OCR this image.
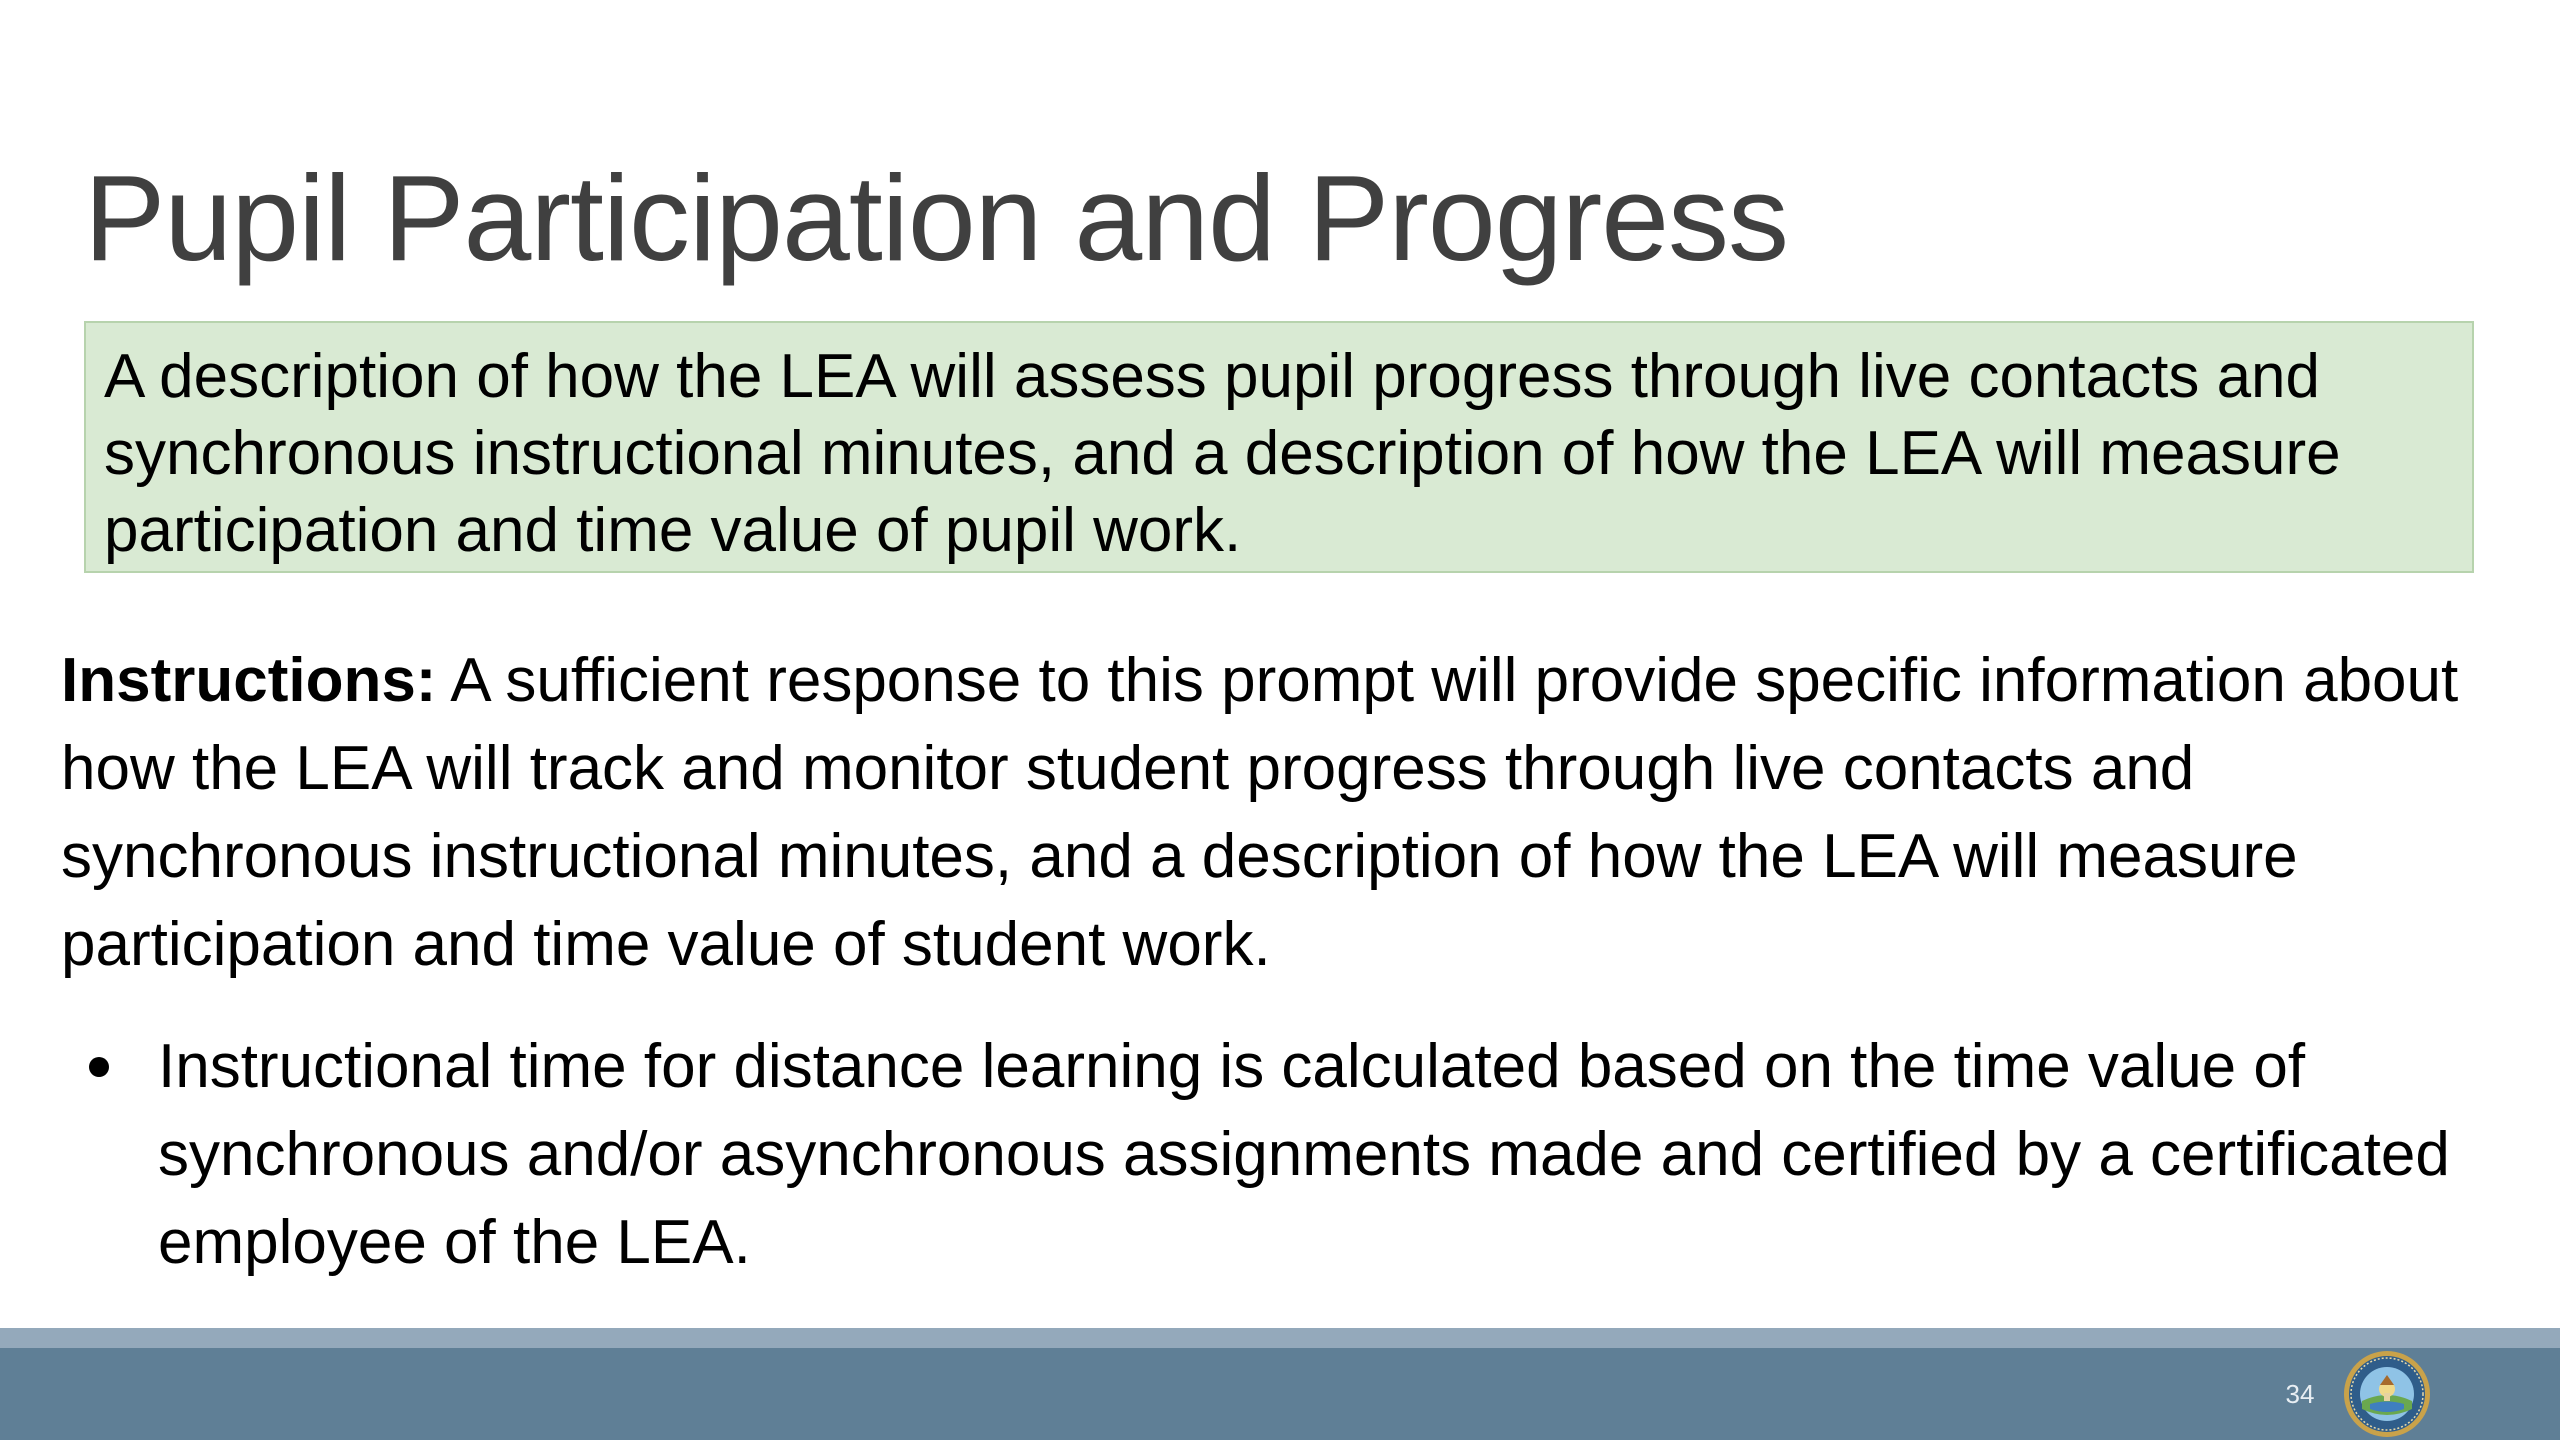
Pupil Participation and Progress

A description of how the LEA will assess pupil progress through live contacts and synchronous instructional minutes, and a description of how the LEA will measure participation and time value of pupil work.

Instructions: A sufficient response to this prompt will provide specific information about how the LEA will track and monitor student progress through live contacts and synchronous instructional minutes, and a description of how the LEA will measure participation and time value of student work.

Instructional time for distance learning is calculated based on the time value of synchronous and/or asynchronous assignments made and certified by a certificated employee of the LEA.
34
